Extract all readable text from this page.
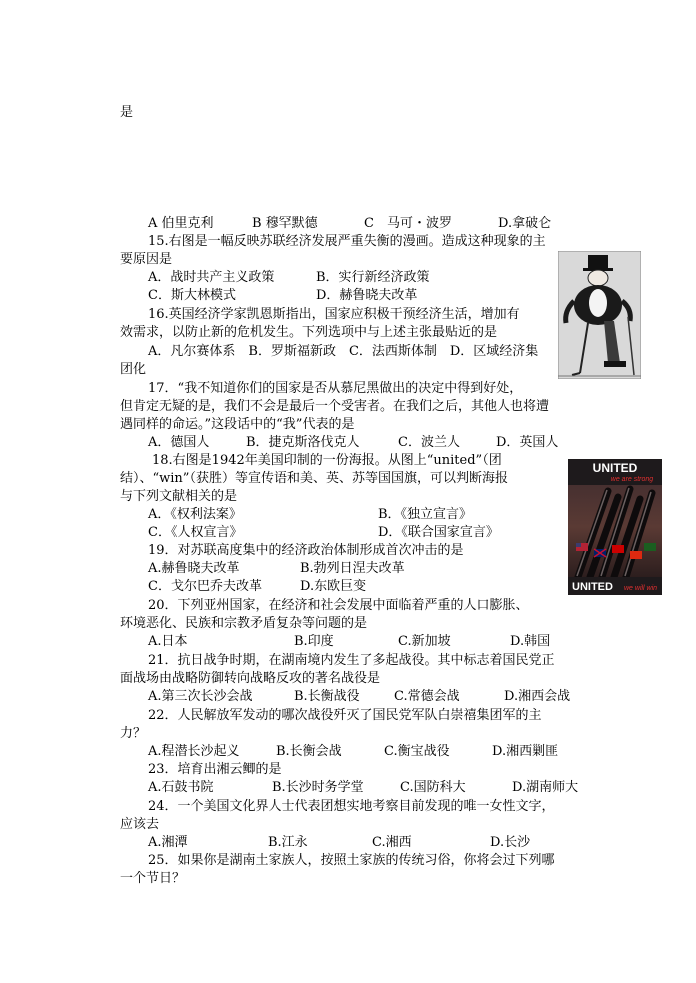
是
A 伯里克利	B 穆罕默德	C　马可・波罗	D.拿破仑
15.右图是一幅反映苏联经济发展严重失衡的漫画。造成这种现象的主
要原因是
A．战时共产主义政策	B．实行新经济政策
C．斯大林模式	D．赫鲁晓夫改革
16.英国经济学家凯恩斯指出，国家应积极干预经济生活，增加有
效需求，以防止新的危机发生。下列选项中与上述主张最贴近的是
A．凡尔赛体系　B．罗斯福新政　C．法西斯体制　D．区域经济集
团化
17．“我不知道你们的国家是否从慕尼黑做出的决定中得到好处，
但肯定无疑的是，我们不会是最后一个受害者。在我们之后，其他人也将遭
遇同样的命运。”这段话中的“我”代表的是
A．德国人	B．捷克斯洛伐克人	C．波兰人	D．英国人
18.右图是1942年美国印制的一份海报。从图上“united”（团
结）、“win”（获胜）等宣传语和美、英、苏等国国旗，可以判断海报
与下列文献相关的是
A．《权利法案》	B．《独立宣言》
C．《人权宣言》	D．《联合国家宣言》
19．对苏联高度集中的经济政治体制形成首次冲击的是
A.赫鲁晓夫改革	B.勃列日涅夫改革
C．戈尔巴乔夫改革	D.东欧巨变
20．下列亚州国家，在经济和社会发展中面临着严重的人口膨胀、
环境恶化、民族和宗教矛盾复杂等问题的是
A.日本	B.印度	C.新加坡	D.韩国
21．抗日战争时期，在湖南境内发生了多起战役。其中标志着国民党正
面战场由战略防御转向战略反攻的著名战役是
A.第三次长沙会战	B.长衡战役	C.常德会战	D.湘西会战
22．人民解放军发动的哪次战役歼灭了国民党军队白崇禧集团军的主
力？
A.程潜长沙起义	B.长衡会战	C.衡宝战役	D.湘西剿匪
23．培育出湘云鲫的是
A.石鼓书院	B.长沙时务学堂	C.国防科大	D.湖南师大
24．一个美国文化界人士代表团想实地考察目前发现的唯一女性文字，
应该去
A.湘潭	B.江永	C.湘西	D.长沙
25．如果你是湖南土家族人，按照土家族的传统习俗，你将会过下列哪
一个节日？
UNITED
we are strong
UNITED we will win
